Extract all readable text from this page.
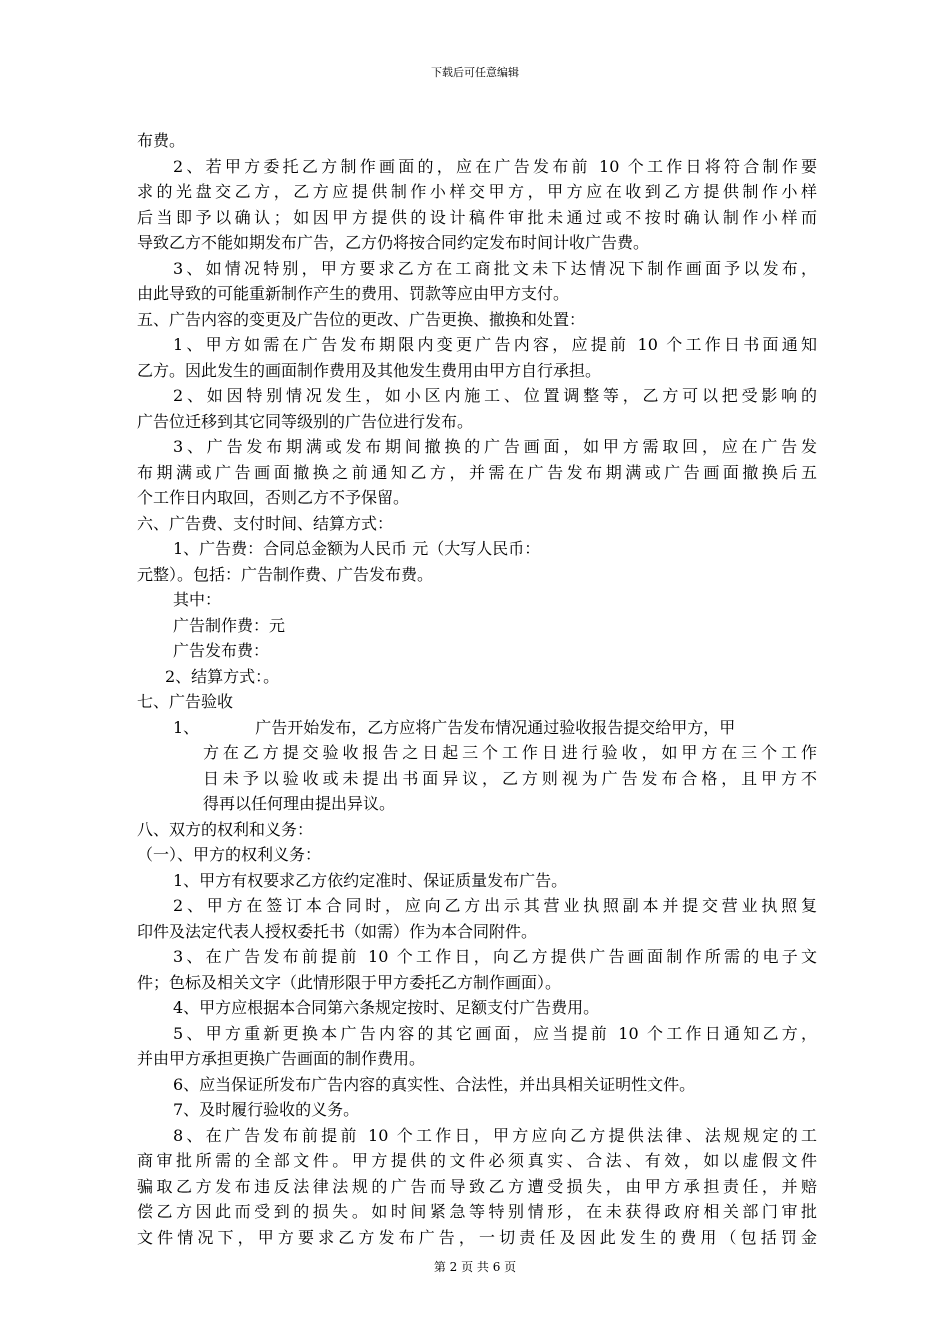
下载后可任意编辑
布费。
2、若甲方委托乙方制作画面的，应在广告发布前 10 个工作日将符合制作要
求的光盘交乙方，乙方应提供制作小样交甲方，甲方应在收到乙方提供制作小样
后当即予以确认；如因甲方提供的设计稿件审批未通过或不按时确认制作小样而
导致乙方不能如期发布广告，乙方仍将按合同约定发布时间计收广告费。
3、如情况特别，甲方要求乙方在工商批文未下达情况下制作画面予以发布，
由此导致的可能重新制作产生的费用、罚款等应由甲方支付。
五、广告内容的变更及广告位的更改、广告更换、撤换和处置：
1、甲方如需在广告发布期限内变更广告内容，应提前 10 个工作日书面通知
乙方。因此发生的画面制作费用及其他发生费用由甲方自行承担。
2、如因特别情况发生，如小区内施工、位置调整等，乙方可以把受影响的
广告位迁移到其它同等级别的广告位进行发布。
3、广告发布期满或发布期间撤换的广告画面，如甲方需取回，应在广告发
布期满或广告画面撤换之前通知乙方，并需在广告发布期满或广告画面撤换后五
个工作日内取回，否则乙方不予保留。
六、广告费、支付时间、结算方式：
1、广告费：合同总金额为人民币 元（大写人民币：
元整）。包括：广告制作费、广告发布费。
其中：
广告制作费：元
广告发布费：
2、结算方式：。
七、广告验收
1、	广告开始发布，乙方应将广告发布情况通过验收报告提交给甲方，甲
方在乙方提交验收报告之日起三个工作日进行验收，如甲方在三个工作
日未予以验收或未提出书面异议，乙方则视为广告发布合格，且甲方不
得再以任何理由提出异议。
八、双方的权利和义务：
（一）、甲方的权利义务：
1、甲方有权要求乙方依约定准时、保证质量发布广告。
2、甲方在签订本合同时，应向乙方出示其营业执照副本并提交营业执照复
印件及法定代表人授权委托书（如需）作为本合同附件。
3、在广告发布前提前 10 个工作日，向乙方提供广告画面制作所需的电子文
件；色标及相关文字（此情形限于甲方委托乙方制作画面）。
4、甲方应根据本合同第六条规定按时、足额支付广告费用。
5、甲方重新更换本广告内容的其它画面，应当提前 10 个工作日通知乙方，
并由甲方承担更换广告画面的制作费用。
6、应当保证所发布广告内容的真实性、合法性，并出具相关证明性文件。
7、及时履行验收的义务。
8、在广告发布前提前 10 个工作日，甲方应向乙方提供法律、法规规定的工
商审批所需的全部文件。甲方提供的文件必须真实、合法、有效，如以虚假文件
骗取乙方发布违反法律法规的广告而导致乙方遭受损失，由甲方承担责任，并赔
偿乙方因此而受到的损失。如时间紧急等特别情形，在未获得政府相关部门审批
文件情况下，甲方要求乙方发布广告，一切责任及因此发生的费用（包括罚金
第 2 页 共 6 页
